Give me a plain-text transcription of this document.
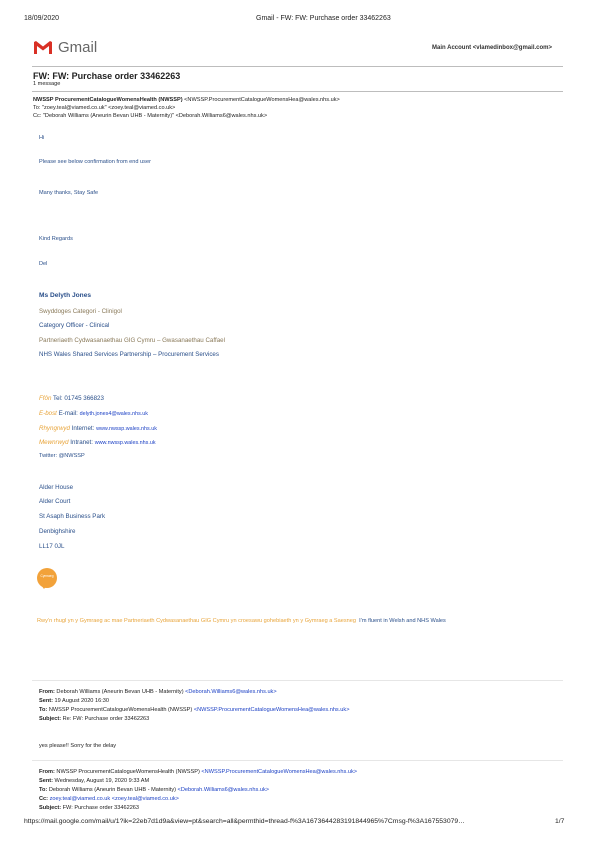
18/09/2020	Gmail - FW: FW: Purchase order 33462263
Gmail	Main Account <vlamedinbox@gmail.com>
FW: FW: Purchase order 33462263
1 message
NWSSP ProcurementCatalogueWomensHealth (NWSSP) <NWSSP.ProcurementCatalogueWomensHea@wales.nhs.uk>
To: "zoey.teal@viamed.co.uk" <zoey.teal@viamed.co.uk>
Cc: "Deborah Williams (Aneurin Bevan UHB - Maternity)" <Deborah.Williams6@wales.nhs.uk>
Hi
Please see below confirmation from end user
Many thanks, Stay Safe
Kind Regards
Del
Ms Delyth Jones
Swyddoges Categori - Clinigol
Category Officer - Clinical
Partneriaeth Cydwasanaethau GIG Cymru – Gwasanaethau Caffael
NHS Wales Shared Services Partnership – Procurement Services
Ffôn Tel: 01745 366823
E-bost E-mail: delyth.jones4@wales.nhs.uk
Rhyngrwyd Internet: www.nwssp.wales.nhs.uk
Mewnrwyd Intranet: www.nwssp.wales.nhs.uk
Twitter: @NWSSP
Alder House
Alder Court
St Asaph Business Park
Denbighshire
LL17 0JL
Cymraeg
Rwy’n rhugl yn y Gymraeg ac mae Partneriaeth Cydwasanaethau GIG Cymru yn croesawu gohebiaeth yn y Gymraeg a Saesneg I’m fluent in Welsh and NHS Wales
From: Deborah Williams (Aneurin Bevan UHB - Maternity) <Deborah.Williams6@wales.nhs.uk>
Sent: 19 August 2020 16:30
To: NWSSP ProcurementCatalogueWomensHealth (NWSSP) <NWSSP.ProcurementCatalogueWomensHea@wales.nhs.uk>
Subject: Re: FW: Purchase order 33462263
yes please!! Sorry for the delay
From: NWSSP ProcurementCatalogueWomensHealth (NWSSP) <NWSSP.ProcurementCatalogueWomensHea@wales.nhs.uk>
Sent: Wednesday, August 19, 2020 9:33 AM
To: Deborah Williams (Aneurin Bevan UHB - Maternity) <Deborah.Williams6@wales.nhs.uk>
Cc: zoey.teal@viamed.co.uk <zoey.teal@viamed.co.uk>
Subject: FW: Purchase order 33462263
https://mail.google.com/mail/u/1?ik=22eb7d1d9a&view=pt&search=all&permthid=thread-f%3A1673644283191844965%7Cmsg-f%3A167553079…	1/7
